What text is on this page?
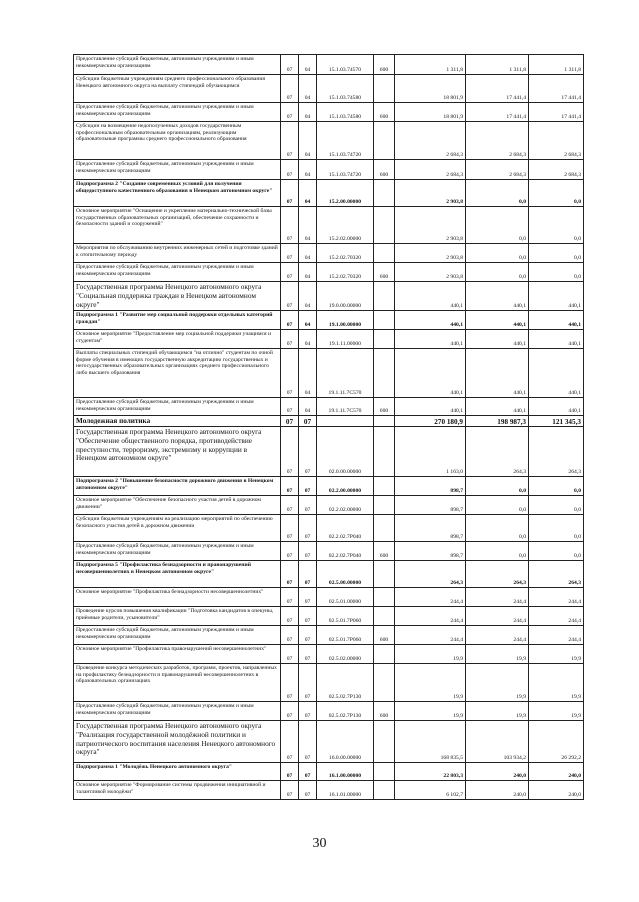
Предоставление субсидий бюджетным, автономным учреждениям и иным некоммерческим организациям	07	04	15.1.03.74570	600	1 311,8	1 311,8	1 311,8
Субсидии бюджетным учреждениям среднего профессионального образования Ненецкого автономного округа на выплату стипендий обучающимся	07	04	15.1.03.74580		18 801,9	17 441,4	17 441,4
Предоставление субсидий бюджетным, автономным учреждениям и иным некоммерческим организациям	07	04	15.1.03.74580	600	18 801,9	17 441,4	17 441,4
Субсидии на возмещение недополученных доходов государственным профессиональным образовательным организациям, реализующим образовательные программы среднего профессионального образования	07	04	15.1.03.74720		2 684,3	2 684,3	2 684,3
Предоставление субсидий бюджетным, автономным учреждениям и иным некоммерческим организациям	07	04	15.1.03.74720	600	2 684,3	2 684,3	2 684,3
Подпрограмма 2 "Создание современных условий для получения общедоступного качественного образования в Ненецком автономном округе"	07	04	15.2.00.00000		2 903,8	0,0	0,0
Основное мероприятие "Оснащение и укрепление материально-технической базы государственных образовательных организаций, обеспечение сохранности и безопасности зданий и сооружений"	07	04	15.2.02.00000		2 903,8	0,0	0,0
Мероприятия по обслуживанию внутренних инженерных сетей и подготовке зданий к отопительному периоду	07	04	15.2.02.70320		2 903,8	0,0	0,0
Предоставление субсидий бюджетным, автономным учреждениям и иным некоммерческим организациям	07	04	15.2.02.70320	600	2 903,8	0,0	0,0
Государственная программа Ненецкого автономного округа "Социальная поддержка граждан в Ненецком автономном округе"	07	04	19.0.00.00000		440,1	440,1	440,1
Подпрограмма 1 "Развитие мер социальной поддержки отдельных категорий граждан"	07	04	19.1.00.00000		440,1	440,1	440,1
Основное мероприятие "Предоставление мер социальной поддержки учащимся и студентам"	07	04	19.1.11.00000		440,1	440,1	440,1
Выплаты специальных стипендий обучающимся "на отлично" студентам по очной форме обучения в имеющих государственную аккредитацию государственных и негосударственных образовательных организациях среднего профессионального либо высшего образования	07	04	19.1.11.7C570		440,1	440,1	440,1
Предоставление субсидий бюджетным, автономным учреждениям и иным некоммерческим организациям	07	04	19.1.11.7C570	600	440,1	440,1	440,1
Молодежная политика	07	07			270 180,9	198 987,3	121 345,3
Государственная программа Ненецкого автономного округа "Обеспечение общественного порядка, противодействие преступности, терроризму, экстремизму и коррупции в Ненецком автономном округе"	07	07	02.0.00.00000		1 163,0	264,3	264,3
Подпрограмма 2 "Повышение безопасности дорожного движения в Ненецком автономном округе"	07	07	02.2.00.00000		898,7	0,0	0,0
Основное мероприятие "Обеспечение безопасного участия детей в дорожном движении"	07	07	02.2.02.00000		898,7	0,0	0,0
Субсидии бюджетным учреждениям на реализацию мероприятий по обеспечению безопасного участия детей в дорожном движении	07	07	02.2.02.7P040		898,7	0,0	0,0
Предоставление субсидий бюджетным, автономным учреждениям и иным некоммерческим организациям	07	07	02.2.02.7P040	600	898,7	0,0	0,0
Подпрограмма 5 "Профилактика безнадзорности и правонарушений несовершеннолетних в Ненецком автономном округе"	07	07	02.5.00.00000		264,3	264,3	264,3
Основное мероприятие "Профилактика безнадзорности несовершеннолетних"	07	07	02.5.01.00000		244,4	244,4	244,4
Проведение курсов повышения квалификации "Подготовка кандидатов в опекуны, приёмные родители, усыновители"	07	07	02.5.01.7P060		244,4	244,4	244,4
Предоставление субсидий бюджетным, автономным учреждениям и иным некоммерческим организациям	07	07	02.5.01.7P060	600	244,4	244,4	244,4
Основное мероприятие "Профилактика правонарушений несовершеннолетних"	07	07	02.5.02.00000		19,9	19,9	19,9
Проведение конкурса методических разработок, программ, проектов, направленных на профилактику безнадзорности и правонарушений несовершеннолетних в образовательных организациях	07	07	02.5.02.7P130		19,9	19,9	19,9
Предоставление субсидий бюджетным, автономным учреждениям и иным некоммерческим организациям	07	07	02.5.02.7P130	600	19,9	19,9	19,9
Государственная программа Ненецкого автономного округа "Реализация государственной молодёжной политики и патриотического воспитания населения Ненецкого автономного округа"	07	07	16.0.00.00000		168 835,5	103 934,2	26 292,2
Подпрограмма 1 "Молодёжь Ненецкого автономного округа"	07	07	16.1.00.00000		22 803,3	240,0	240,0
Основное мероприятие "Формирование системы продвижения инициативной и талантливой молодёжи"	07	07	16.1.01.00000		6 102,7	240,0	240,0
30
